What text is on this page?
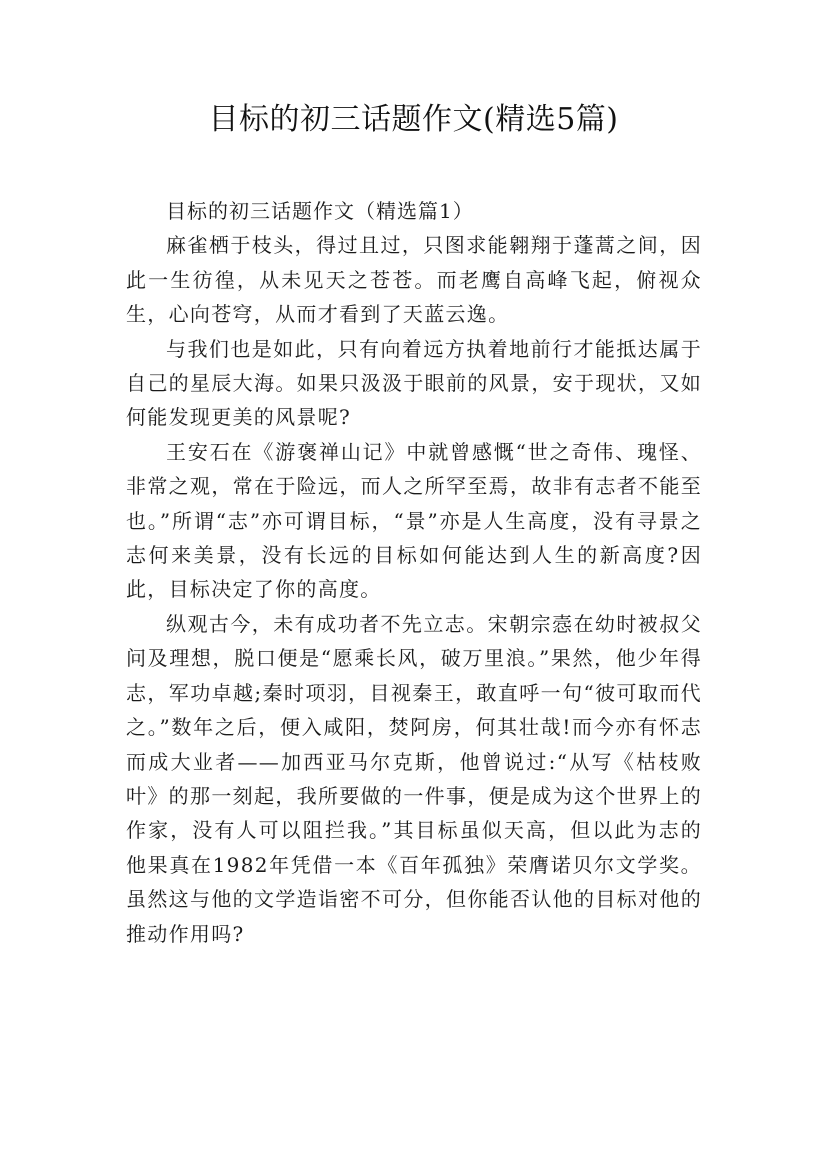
目标的初三话题作文(精选5篇)

目标的初三话题作文（精选篇1）

麻雀栖于枝头，得过且过，只图求能翱翔于蓬蒿之间，因此一生彷徨，从未见天之苍苍。而老鹰自高峰飞起，俯视众生，心向苍穹，从而才看到了天蓝云逸。

与我们也是如此，只有向着远方执着地前行才能抵达属于自己的星辰大海。如果只汲汲于眼前的风景，安于现状，又如何能发现更美的风景呢?

王安石在《游褒禅山记》中就曾感慨“世之奇伟、瑰怪、非常之观，常在于险远，而人之所罕至焉，故非有志者不能至也。”所谓“志”亦可谓目标，“景”亦是人生高度，没有寻景之志何来美景，没有长远的目标如何能达到人生的新高度?因此，目标决定了你的高度。

纵观古今，未有成功者不先立志。宋朝宗悫在幼时被叔父问及理想，脱口便是“愿乘长风，破万里浪。”果然，他少年得志，军功卓越;秦时项羽，目视秦王，敢直呼一句“彼可取而代之。”数年之后，便入咸阳，焚阿房，何其壮哉!而今亦有怀志而成大业者——加西亚马尔克斯，他曾说过:“从写《枯枝败叶》的那一刻起，我所要做的一件事，便是成为这个世界上的作家，没有人可以阻拦我。”其目标虽似天高，但以此为志的他果真在1982年凭借一本《百年孤独》荣膺诺贝尔文学奖。虽然这与他的文学造诣密不可分，但你能否认他的目标对他的推动作用吗?
